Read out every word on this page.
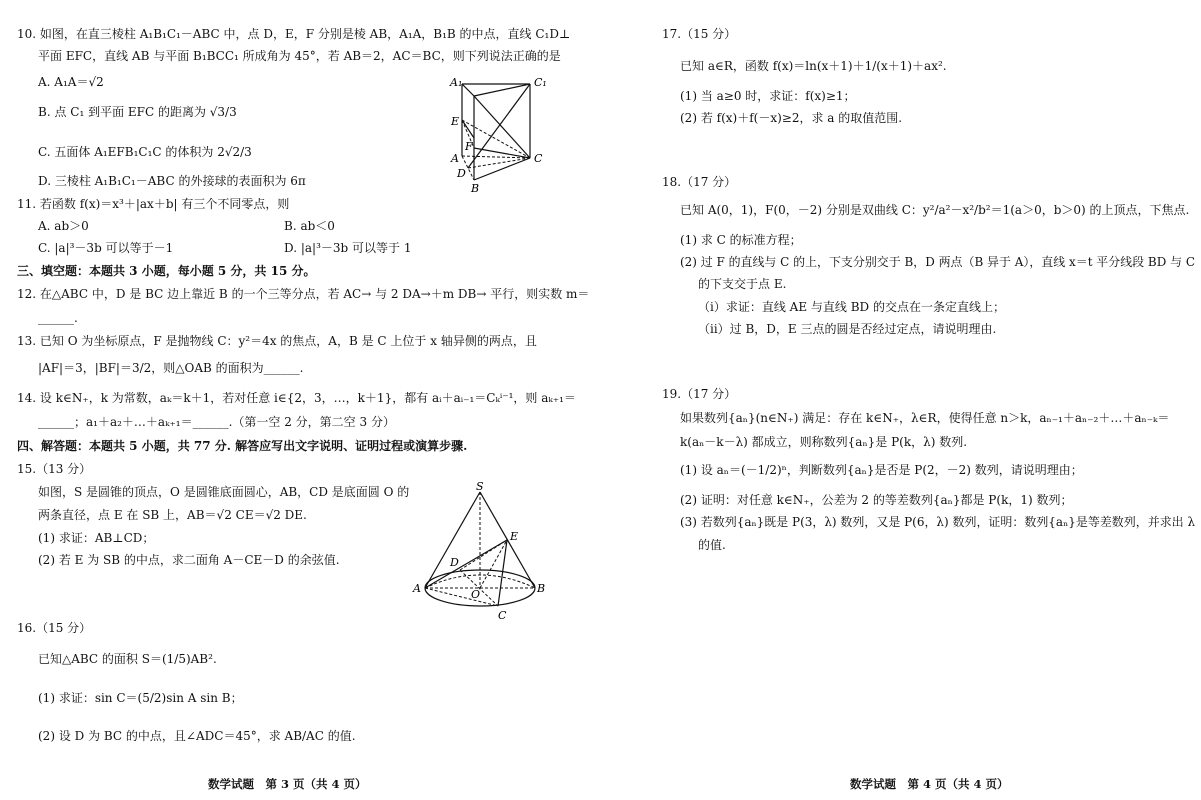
10. 如图，在直三棱柱 A₁B₁C₁－ABC 中，点 D，E，F 分别是棱 AB，A₁A，B₁B 的中点，直线 C₁D⊥
平面 EFC，直线 AB 与平面 B₁BCC₁ 所成角为 45°，若 AB＝2，AC＝BC，则下列说法正确的是
A. A₁A＝√2
B. 点 C₁ 到平面 EFC 的距离为 √3/3
C. 五面体 A₁EFB₁C₁C 的体积为 2√2/3
D. 三棱柱 A₁B₁C₁－ABC 的外接球的表面积为 6π
A₁	C₁
E
F
A	C
D
B
11. 若函数 f(x)＝x³＋|ax＋b| 有三个不同零点，则
A. ab＞0	B. ab＜0
C. |a|³－3b 可以等于－1	D. |a|³－3b 可以等于 1
三、填空题：本题共 3 小题，每小题 5 分，共 15 分。
12. 在△ABC 中，D 是 BC 边上靠近 B 的一个三等分点，若 AC→ 与 2 DA→＋m DB→ 平行，则实数 m＝
______.
13. 已知 O 为坐标原点，F 是抛物线 C：y²＝4x 的焦点，A，B 是 C 上位于 x 轴异侧的两点，且
|AF|＝3，|BF|＝3/2，则△OAB 的面积为______.
14. 设 k∈N₊，k 为常数，aₖ＝k＋1，若对任意 i∈{2，3，…，k＋1}，都有 aᵢ＋aᵢ₋₁＝Cₖⁱ⁻¹，则 aₖ₊₁＝
______；a₁＋a₂＋…＋aₖ₊₁＝______.（第一空 2 分，第二空 3 分）
四、解答题：本题共 5 小题，共 77 分. 解答应写出文字说明、证明过程或演算步骤.
15.（13 分）
如图，S 是圆锥的顶点，O 是圆锥底面圆心，AB，CD 是底面圆 O 的
两条直径，点 E 在 SB 上，AB＝√2 CE＝√2 DE.
(1) 求证：AB⊥CD；
(2) 若 E 为 SB 的中点，求二面角 A－CE－D 的余弦值.
S
E
D
A	O	B
C
16.（15 分）
已知△ABC 的面积 S＝(1/5)AB².
(1) 求证：sin C＝(5/2)sin A sin B；
(2) 设 D 为 BC 的中点，且∠ADC＝45°，求 AB/AC 的值.
数学试题　第 3 页（共 4 页）
17.（15 分）
已知 a∈R，函数 f(x)＝ln(x＋1)＋1/(x＋1)＋ax².
(1) 当 a≥0 时，求证：f(x)≥1；
(2) 若 f(x)＋f(－x)≥2，求 a 的取值范围.
18.（17 分）
已知 A(0，1)，F(0，－2) 分别是双曲线 C：y²/a²－x²/b²＝1(a＞0，b＞0) 的上顶点，下焦点.
(1) 求 C 的标准方程；
(2) 过 F 的直线与 C 的上，下支分别交于 B，D 两点（B 异于 A），直线 x＝t 平分线段 BD 与 C
的下支交于点 E.
（ⅰ）求证：直线 AE 与直线 BD 的交点在一条定直线上；
（ⅱ）过 B，D，E 三点的圆是否经过定点，请说明理由.
19.（17 分）
如果数列{aₙ}(n∈N₊) 满足：存在 k∈N₊，λ∈R，使得任意 n＞k，aₙ₋₁＋aₙ₋₂＋…＋aₙ₋ₖ＝
k(aₙ－k－λ) 都成立，则称数列{aₙ}是 P(k，λ) 数列.
(1) 设 aₙ＝(－1/2)ⁿ，判断数列{aₙ}是否是 P(2，－2) 数列，请说明理由；
(2) 证明：对任意 k∈N₊，公差为 2 的等差数列{aₙ}都是 P(k，1) 数列；
(3) 若数列{aₙ}既是 P(3，λ) 数列，又是 P(6，λ) 数列，证明：数列{aₙ}是等差数列，并求出 λ
的值.
数学试题　第 4 页（共 4 页）
